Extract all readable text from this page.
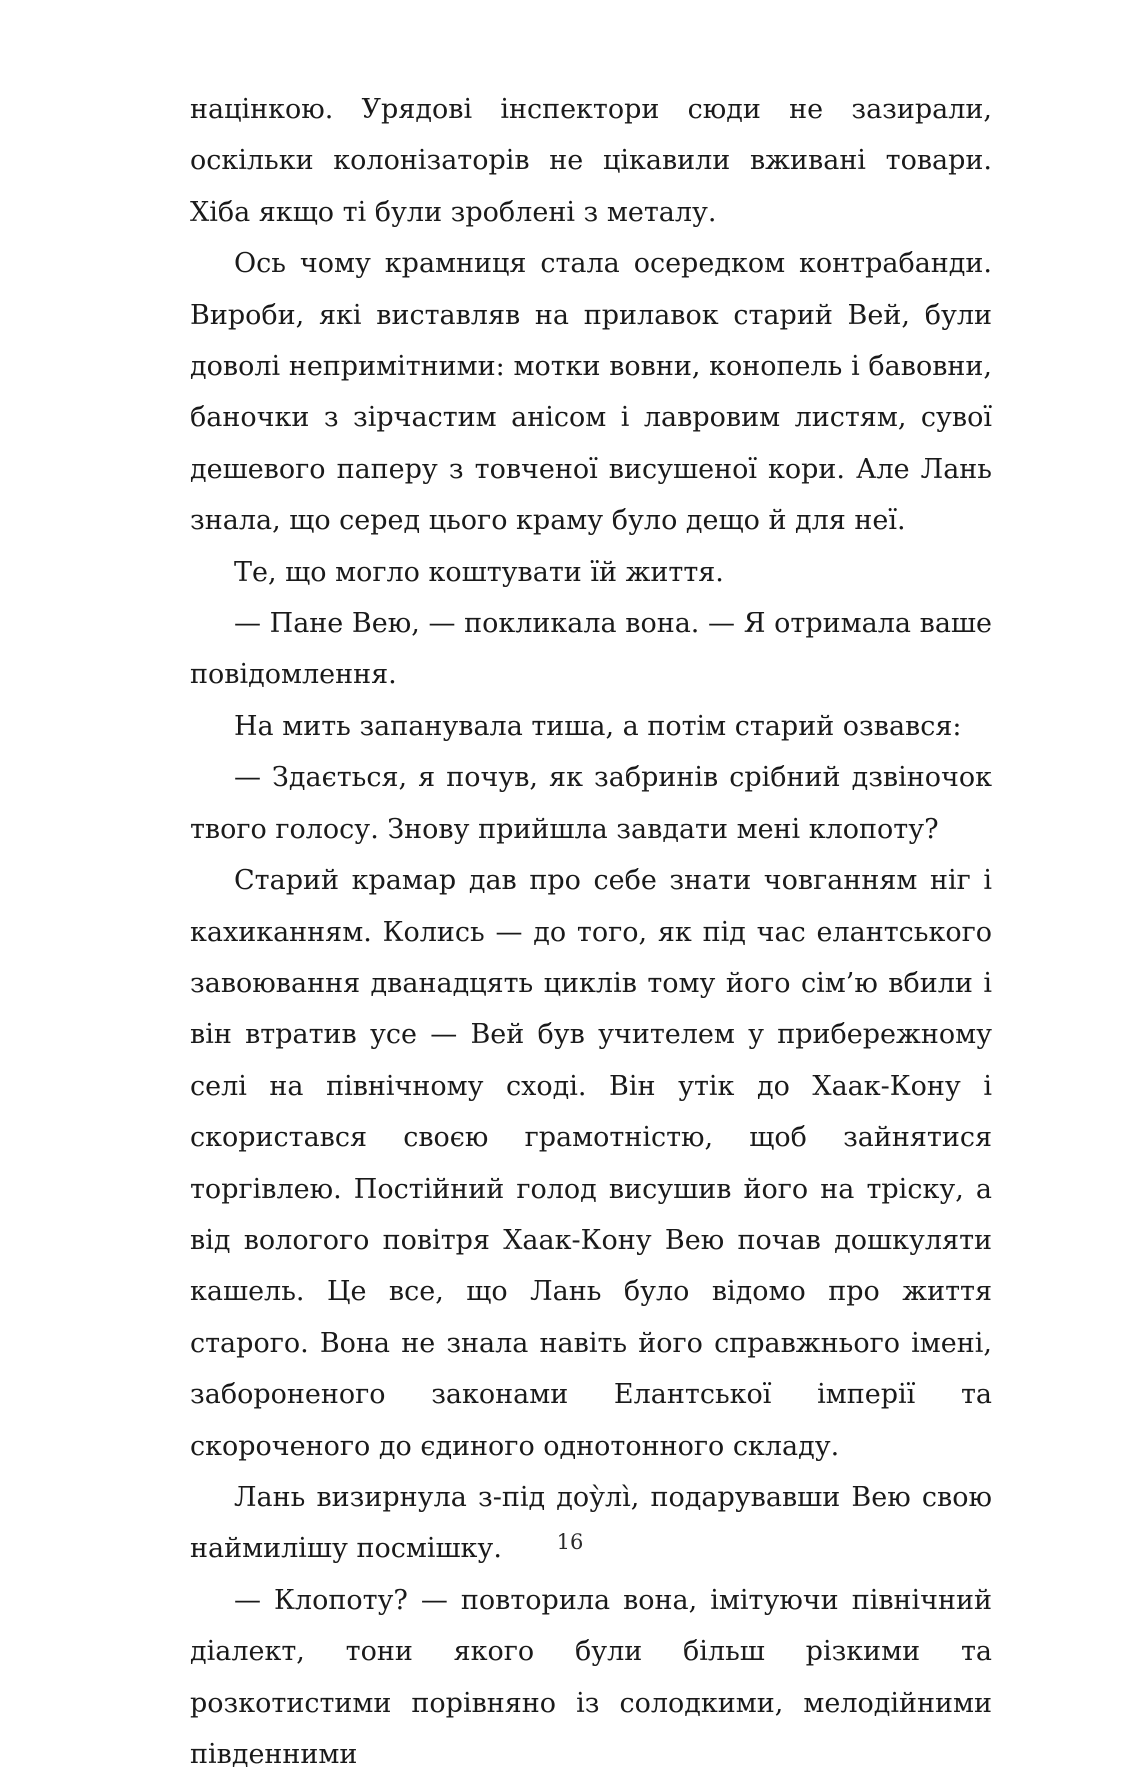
націнкою. Урядові інспектори сюди не зазирали, оскільки колонізаторів не цікавили вживані товари. Хіба якщо ті були зроблені з металу.

Ось чому крамниця стала осередком контрабанди. Вироби, які виставляв на прилавок старий Вей, були доволі непримітними: мотки вовни, конопель і бавовни, баночки з зірчастим анісом і лавровим листям, сувої дешевого паперу з товченої висушеної кори. Але Лань знала, що серед цього краму було дещо й для неї.

Те, що могло коштувати їй життя.

— Пане Вею, — покликала вона. — Я отримала ваше повідомлення.

На мить запанувала тиша, а потім старий озвався:

— Здається, я почув, як забринів срібний дзвіночок твого голосу. Знову прийшла завдати мені клопоту?

Старий крамар дав про себе знати човганням ніг і кахиканням. Колись — до того, як під час елантського завоювання дванадцять циклів тому його сім’ю вбили і він втратив усе — Вей був учителем у прибережному селі на північному сході. Він утік до Хаак-Кону і скористався своєю грамотністю, щоб зайнятися торгівлею. Постійний голод висушив його на тріску, а від вологого повітря Хаак-Кону Вею почав дошкуляти кашель. Це все, що Лань було відомо про життя старого. Вона не знала навіть його справжнього імені, забороненого законами Елантської імперії та скороченого до єдиного однотонного складу.

Лань визирнула з-під доу̀лі̀, подарувавши Вею свою наймилішу посмішку.

— Клопоту? — повторила вона, імітуючи північний діалект, тони якого були більш різкими та розкотистими порівняно із солодкими, мелодійними південними

16
